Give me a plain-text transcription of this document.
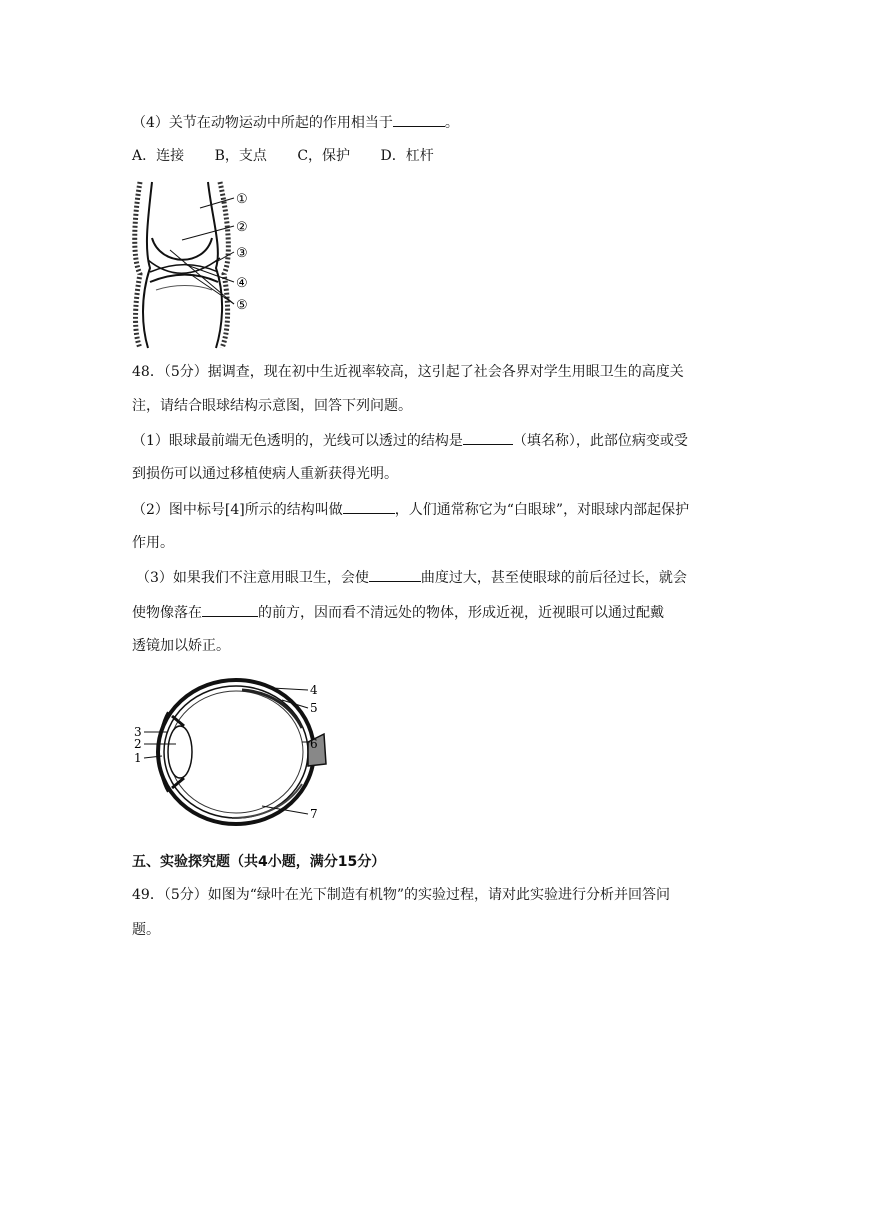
（4）关节在动物运动中所起的作用相当于	。
A．连接 B，支点 C，保护 D．杠杆
①
②
③
④
⑤
48．（5分）据调查，现在初中生近视率较高，这引起了社会各界对学生用眼卫生的高度关
注，请结合眼球结构示意图，回答下列问题。
（1）眼球最前端无色透明的，光线可以透过的结构是	（填名称），此部位病变或受
到损伤可以通过移植使病人重新获得光明。
（2）图中标号[4]所示的结构叫做	，人们通常称它为“白眼球”，对眼球内部起保护
作用。
（3）如果我们不注意用眼卫生，会使	曲度过大，甚至使眼球的前后径过长，就会
使物像落在	的前方，因而看不清远处的物体，形成近视，近视眼可以通过配戴
透镜加以娇正。
1
2
3
4
5
6
7
五、实验探究题（共4小题，满分15分）
49．（5分）如图为“绿叶在光下制造有机物”的实验过程，请对此实验进行分析并回答问
题。
